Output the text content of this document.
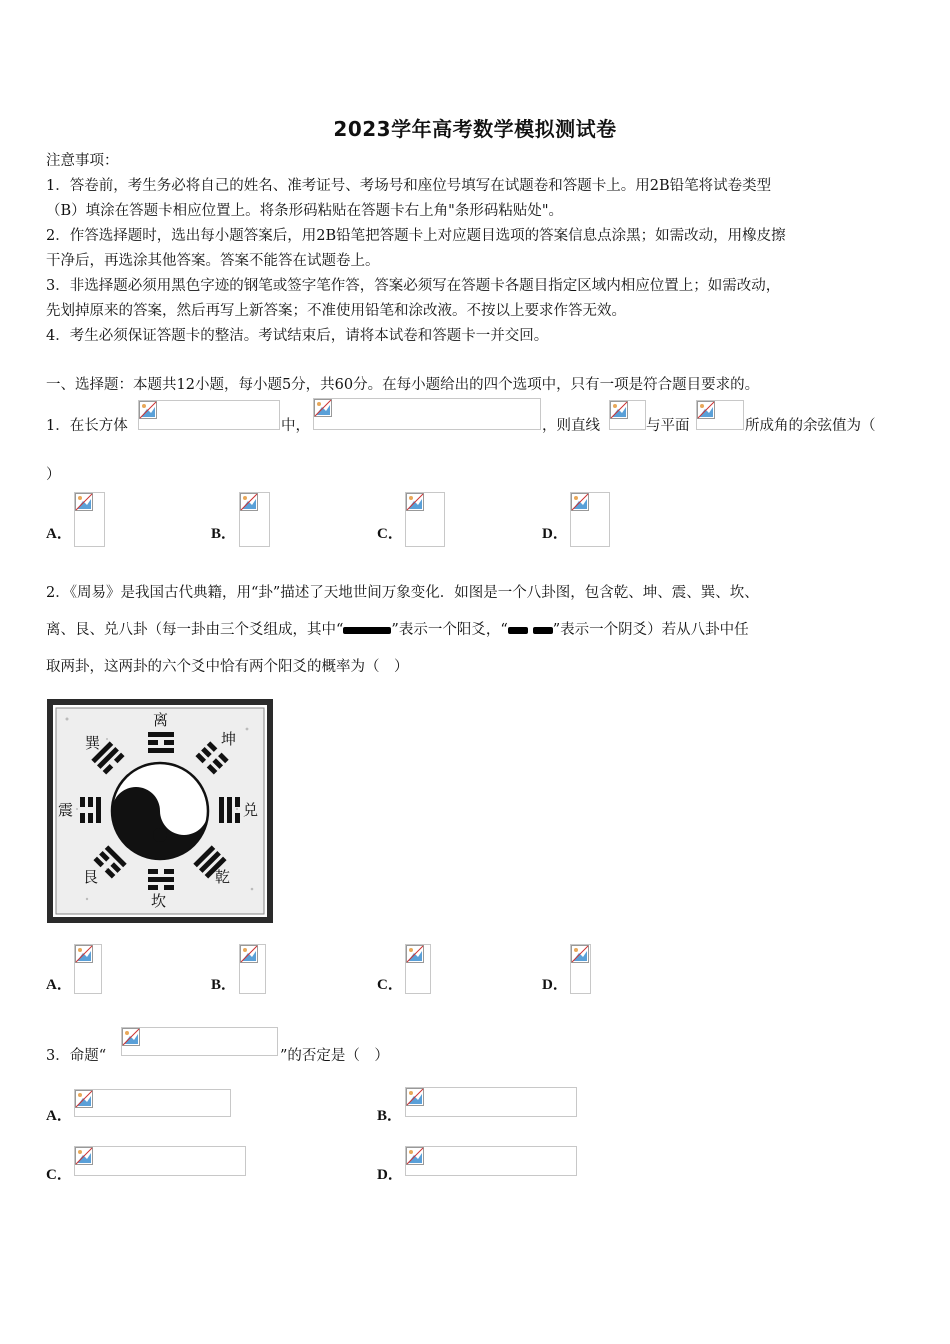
2023学年高考数学模拟测试卷
注意事项：
1．答卷前，考生务必将自己的姓名、准考证号、考场号和座位号填写在试题卷和答题卡上。用2B铅笔将试卷类型
（B）填涂在答题卡相应位置上。将条形码粘贴在答题卡右上角"条形码粘贴处"。
2．作答选择题时，选出每小题答案后，用2B铅笔把答题卡上对应题目选项的答案信息点涂黑；如需改动，用橡皮擦
干净后，再选涂其他答案。答案不能答在试题卷上。
3．非选择题必须用黑色字迹的钢笔或签字笔作答，答案必须写在答题卡各题目指定区域内相应位置上；如需改动，
先划掉原来的答案，然后再写上新答案；不准使用铅笔和涂改液。不按以上要求作答无效。
4．考生必须保证答题卡的整洁。考试结束后，请将本试卷和答题卡一并交回。
一、选择题：本题共12小题，每小题5分，共60分。在每小题给出的四个选项中，只有一项是符合题目要求的。
1．在长方体	中，	，则直线	与平面	所成角的余弦值为（
）
A．	B．	C．	D．
2．《周易》是我国古代典籍，用“卦”描述了天地世间万象变化．如图是一个八卦图，包含乾、坤、震、巽、坎、
离、艮、兑八卦（每一卦由三个爻组成，其中“	”表示一个阳爻，“	”表示一个阴爻）若从八卦中任
取两卦，这两卦的六个爻中恰有两个阳爻的概率为（　）
离
坤
兑
乾
坎
艮
震
巽
A．	B．	C．	D．
3．命题“	”的否定是（　）
A．	B．
C．	D．
